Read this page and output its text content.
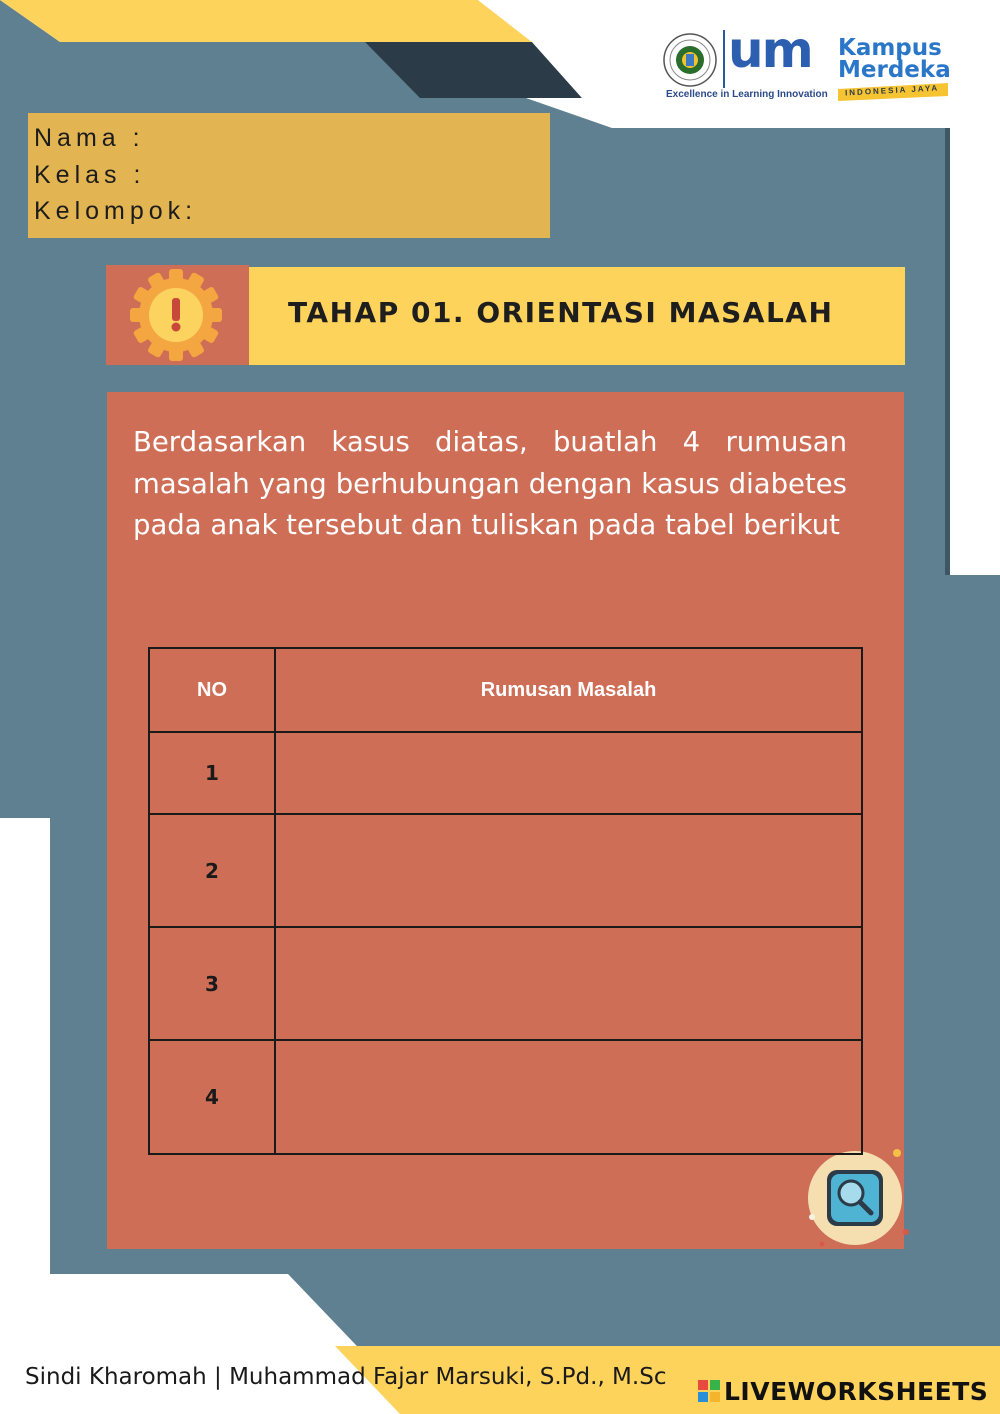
um
Excellence in Learning Innovation
Kampus
Merdeka
INDONESIA JAYA

Nama :

Kelas :

Kelompok:

TAHAP 01. ORIENTASI MASALAH

Berdasarkan kasus diatas, buatlah 4 rumusan masalah yang berhubungan dengan kasus diabetes pada anak tersebut dan tuliskan pada tabel berikut

NO	Rumusan Masalah
1	
2	
3	
4	
Sindi Kharomah | Muhammad Fajar Marsuki, S.Pd., M.Sc LIVEWORKSHEETS
